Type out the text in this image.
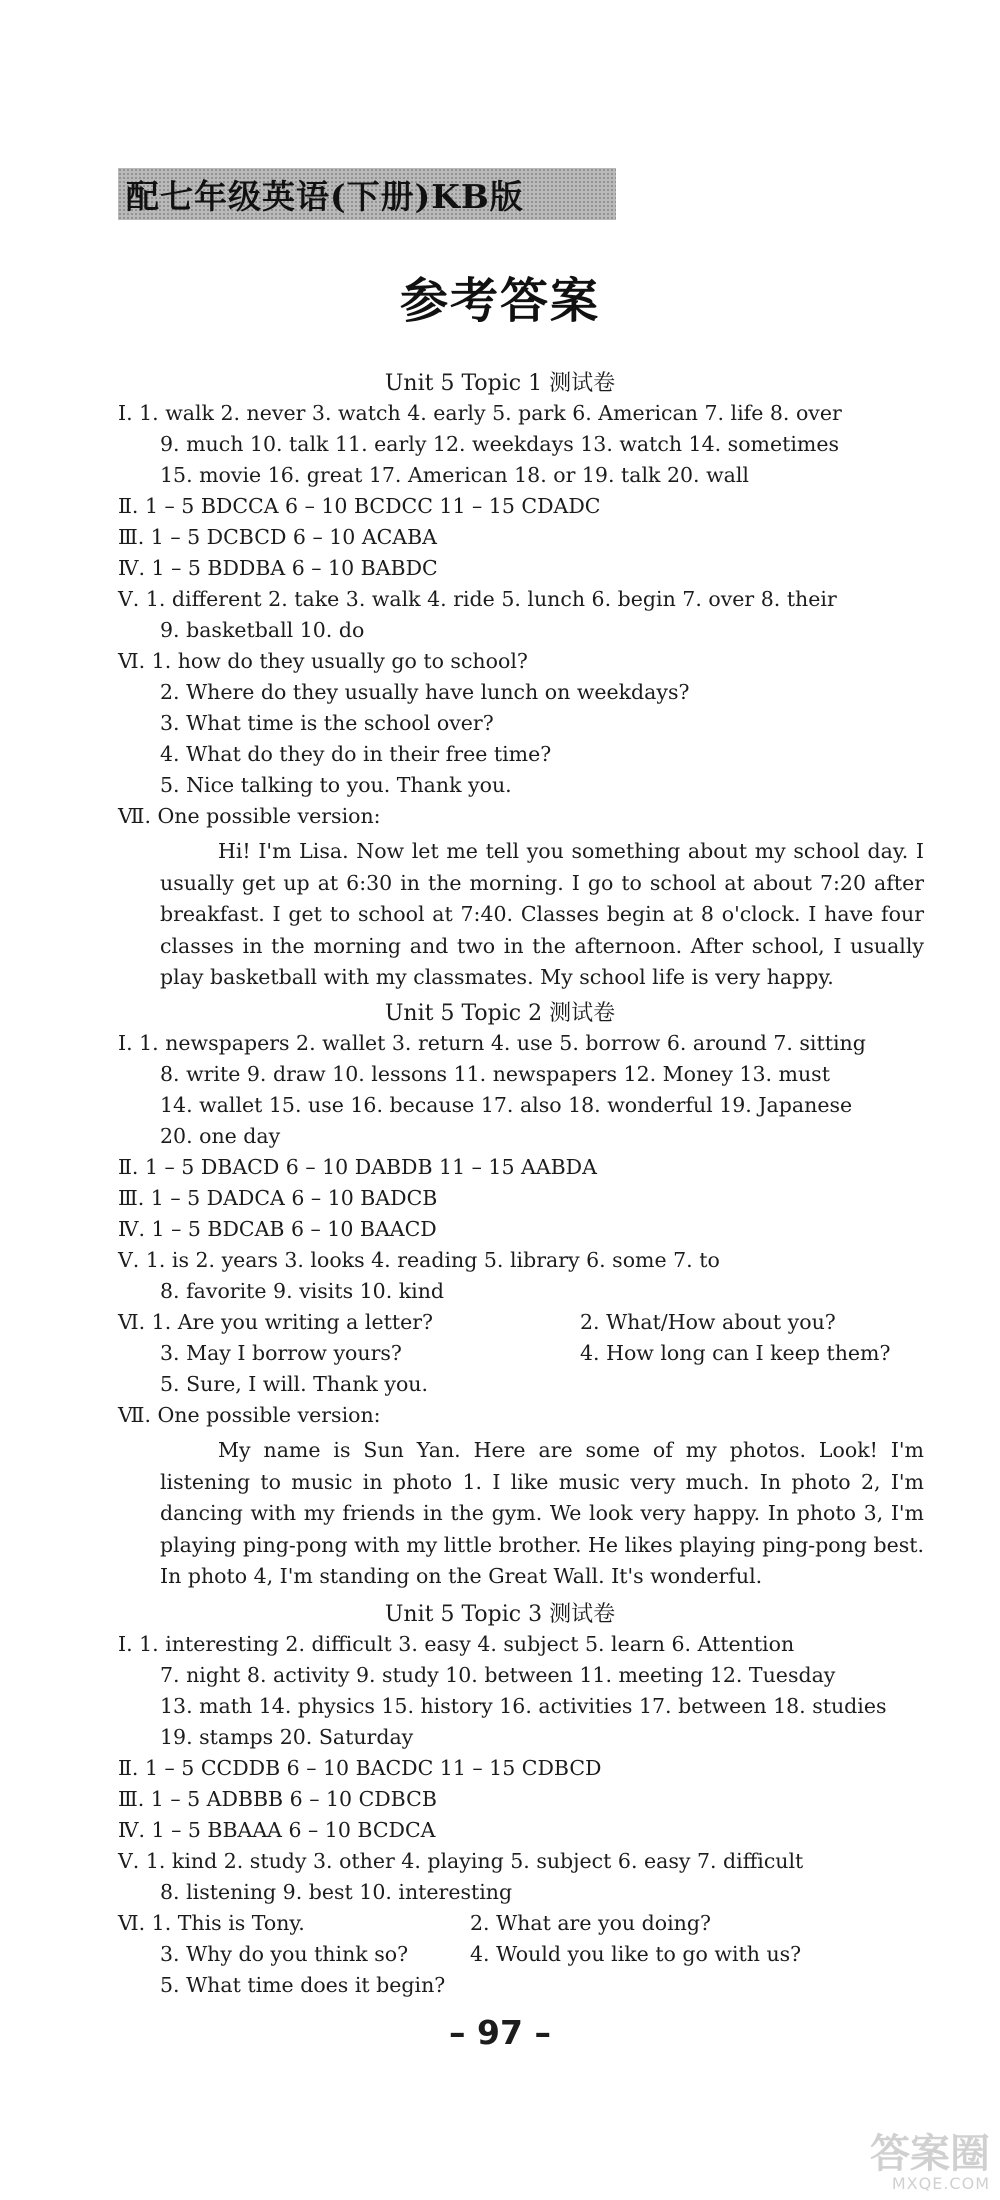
配七年级英语(下册)KB版
参考答案
Unit 5 Topic 1 测试卷
Ⅰ. 1. walk 2. never 3. watch 4. early 5. park 6. American 7. life 8. over
9. much 10. talk 11. early 12. weekdays 13. watch 14. sometimes
15. movie 16. great 17. American 18. or 19. talk 20. wall
Ⅱ. 1 – 5 BDCCA 6 – 10 BCDCC 11 – 15 CDADC
Ⅲ. 1 – 5 DCBCD 6 – 10 ACABA
Ⅳ. 1 – 5 BDDBA 6 – 10 BABDC
Ⅴ. 1. different 2. take 3. walk 4. ride 5. lunch 6. begin 7. over 8. their
9. basketball 10. do
Ⅵ. 1. how do they usually go to school?
2. Where do they usually have lunch on weekdays?
3. What time is the school over?
4. What do they do in their free time?
5. Nice talking to you. Thank you.
Ⅶ. One possible version:
Hi! I'm Lisa. Now let me tell you something about my school day. I usually get up at 6:30 in the morning. I go to school at about 7:20 after breakfast. I get to school at 7:40. Classes begin at 8 o'clock. I have four classes in the morning and two in the afternoon. After school, I usually play basketball with my classmates. My school life is very happy.
Unit 5 Topic 2 测试卷
Ⅰ. 1. newspapers 2. wallet 3. return 4. use 5. borrow 6. around 7. sitting
8. write 9. draw 10. lessons 11. newspapers 12. Money 13. must
14. wallet 15. use 16. because 17. also 18. wonderful 19. Japanese
20. one day
Ⅱ. 1 – 5 DBACD 6 – 10 DABDB 11 – 15 AABDA
Ⅲ. 1 – 5 DADCA 6 – 10 BADCB
Ⅳ. 1 – 5 BDCAB 6 – 10 BAACD
Ⅴ. 1. is 2. years 3. looks 4. reading 5. library 6. some 7. to
8. favorite 9. visits 10. kind
Ⅵ. 1. Are you writing a letter?	2. What/How about you?
3. May I borrow yours?	4. How long can I keep them?
5. Sure, I will. Thank you.
Ⅶ. One possible version:
My name is Sun Yan. Here are some of my photos. Look! I'm listening to music in photo 1. I like music very much. In photo 2, I'm dancing with my friends in the gym. We look very happy. In photo 3, I'm playing ping-pong with my little brother. He likes playing ping-pong best. In photo 4, I'm standing on the Great Wall. It's wonderful.
Unit 5 Topic 3 测试卷
Ⅰ. 1. interesting 2. difficult 3. easy 4. subject 5. learn 6. Attention
7. night 8. activity 9. study 10. between 11. meeting 12. Tuesday
13. math 14. physics 15. history 16. activities 17. between 18. studies
19. stamps 20. Saturday
Ⅱ. 1 – 5 CCDDB 6 – 10 BACDC 11 – 15 CDBCD
Ⅲ. 1 – 5 ADBBB 6 – 10 CDBCB
Ⅳ. 1 – 5 BBAAA 6 – 10 BCDCA
Ⅴ. 1. kind 2. study 3. other 4. playing 5. subject 6. easy 7. difficult
8. listening 9. best 10. interesting
Ⅵ. 1. This is Tony.	2. What are you doing?
3. Why do you think so?	4. Would you like to go with us?
5. What time does it begin?
– 97 –
答案圈
MXQE.COM
